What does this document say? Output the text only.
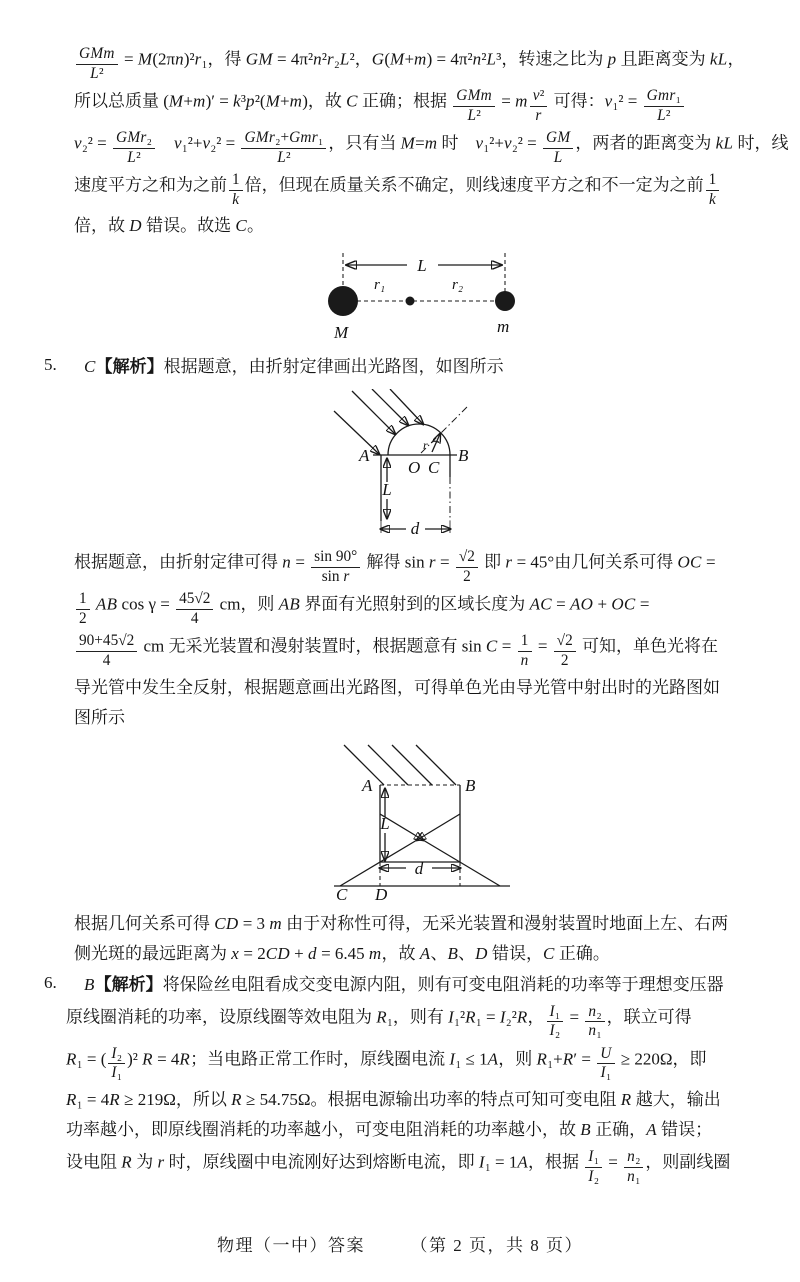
$\frac{\text{GMm}}{\text{L²}} = M(2\pi n)^2r_1$，得 GM = 4π²n²r₂L²，G(M+m) = 4π²n²L³，转速之比为 p 且距离变为 kL，
所以总质量 (M+m)′ = k³p²(M+m)，故 C 正确；根据 $\frac{\text{GMm}}{\text{L²}} = m \frac{\text{v²}}{r}$ 可得：$v_1^2 = \frac{\text{Gmr₁}}{\text{L²}}$
$v_2^2 = \frac{\text{GMr₂}}{\text{L²}}$
　 $v_1^2+v_2^2 = \frac{\text{GMr₂+Gmr₁}}{\text{L²}}$ ，只有当 M=m 时　$v_1^2+v_2^2 = \frac{GM}{L}$ ，两者的距离变为 kL 时，线
速度平方之和为之前 $\frac{1}{k}$ 倍，但现在质量关系不确定，则线速度平方之和不一定为之前 $\frac{1}{k}$
倍，故 D 错误。故选 C。
L
r₁	r₂
M	m
5.	C【解析】根据题意，由折射定律画出光路图，如图所示
r
L
d
A	B
O C
根据题意，由折射定律可得 $n = \frac{\sin 90^\circ}{\text{sin r}}$ 解得 $\sin r = \frac{√2}{2}$ 即 r = 45°由几何关系可得 OC =
$\frac{1}{2}$ AB $\cos \gamma = \frac{45√2}{4}$ cm，则 AB 界面有光照射到的区域长度为 AC = AO + OC =
$\frac{90+45√2}{4}$ cm 无采光装置和漫射装置时，根据题意有 $\sin C = \frac{1}{n} = \frac{√2}{2}$ 可知，单色光将在
导光管中发生全反射，根据题意画出光路图，可得单色光由导光管中射出时的光路图如
图所示
L
d
A	B
C D
根据几何关系可得 CD = 3 m 由于对称性可得，无采光装置和漫射装置时地面上左、右两
侧光斑的最远距离为 x = 2CD + d = 6.45 m，故 A、B、D 错误，C 正确。
6.	B【解析】将保险丝电阻看成交变电源内阻，则有可变电阻消耗的功率等于理想变压器
原线圈消耗的功率，设原线圈等效电阻为 R₁，则有 I₁²R₁ = I₂²R， $\frac{\text{I₁}}{\text{I₂}} = \frac{\text{n₂}}{\text{n₁}}$ ，联立可得
R₁ = ( $\frac{\text{I₂}}{\text{I₁}} )^2$ R = 4R；当电路正常工作时，原线圈电流 I₁ ≤ 1A，则 $R_1+R' = \frac{U}{\text{I₁}} \ge 220\Omega$，即
R₁ = 4R ≥ 219Ω，所以 R ≥ 54.75Ω。根据电源输出功率的特点可知可变电阻 R 越大，输出
功率越小，即原线圈消耗的功率越小，可变电阻消耗的功率越小，故 B 正确，A 错误；
设电阻 R 为 r 时，原线圈中电流刚好达到熔断电流，即 I₁ = 1A，根据 $\frac{\text{I₁}}{\text{I₂}} = \frac{\text{n₂}}{\text{n₁}}$ ，则副线圈
物理（一中）答案	（第 2 页，共 8 页）
